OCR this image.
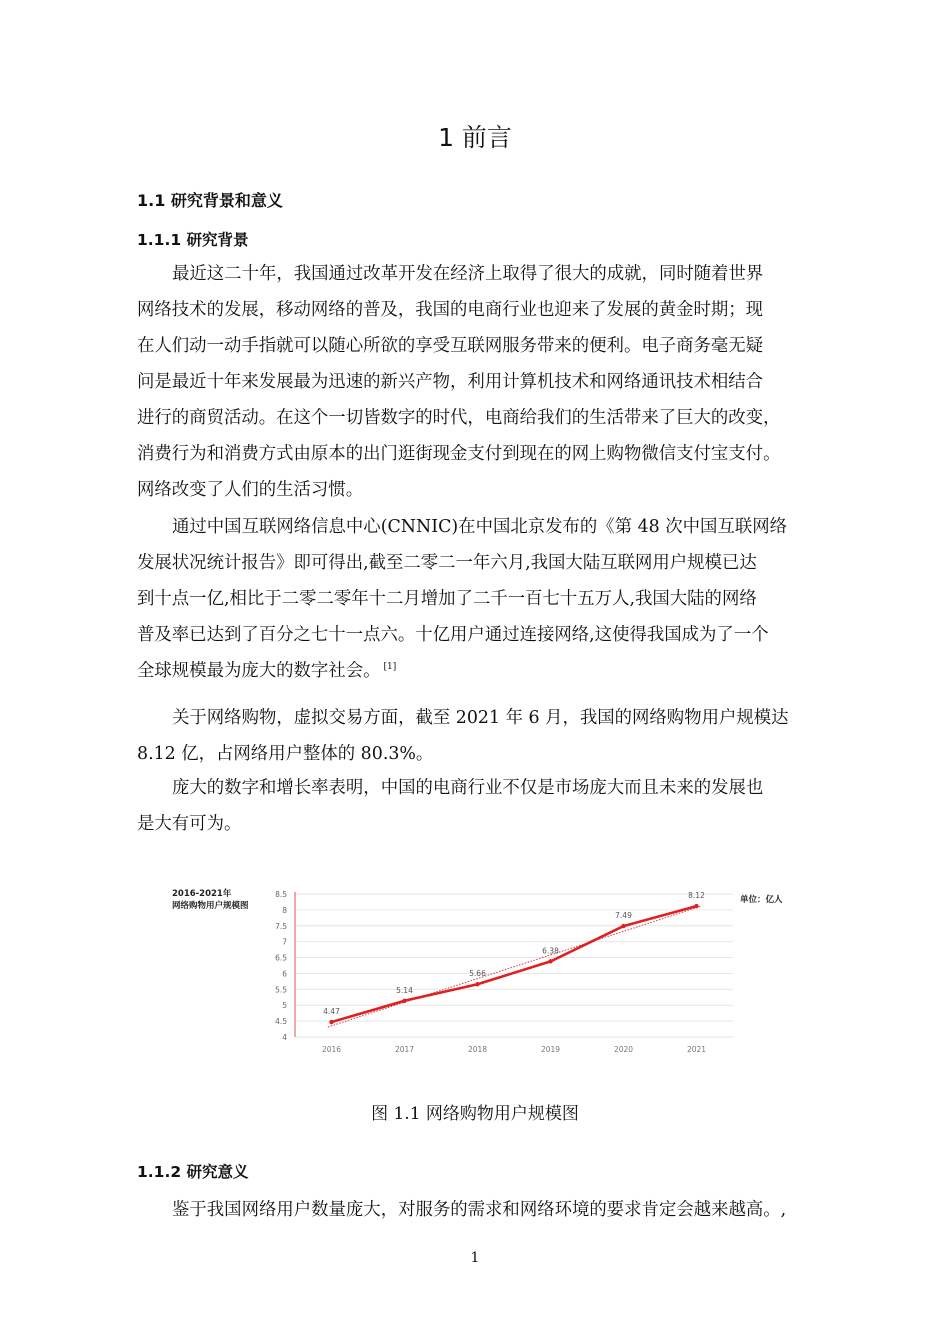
1 前言
1.1 研究背景和意义
1.1.1 研究背景
最近这二十年，我国通过改革开发在经济上取得了很大的成就，同时随着世界
网络技术的发展，移动网络的普及，我国的电商行业也迎来了发展的黄金时期；现
在人们动一动手指就可以随心所欲的享受互联网服务带来的便利。电子商务毫无疑
问是最近十年来发展最为迅速的新兴产物，利用计算机技术和网络通讯技术相结合
进行的商贸活动。在这个一切皆数字的时代，电商给我们的生活带来了巨大的改变，
消费行为和消费方式由原本的出门逛街现金支付到现在的网上购物微信支付宝支付。
网络改变了人们的生活习惯。
通过中国互联网络信息中心(CNNIC)在中国北京发布的《第 48 次中国互联网络
发展状况统计报告》即可得出,截至二零二一年六月,我国大陆互联网用户规模已达
到十点一亿,相比于二零二零年十二月增加了二千一百七十五万人,我国大陆的网络
普及率已达到了百分之七十一点六。十亿用户通过连接网络,这使得我国成为了一个
全球规模最为庞大的数字社会。 [1]
关于网络购物，虚拟交易方面，截至 2021 年 6 月，我国的网络购物用户规模达
8.12 亿，占网络用户整体的 80.3%。
庞大的数字和增长率表明，中国的电商行业不仅是市场庞大而且未来的发展也
是大有可为。
2016-2021年
网络购物用户规模图
单位：亿人
4
4.5
5
5.5
6
6.5
7
7.5
8
8.5
2016	2017	2018	2019	2020	2021
4.47
5.14
5.66
6.38
7.49
8.12
图 1.1 网络购物用户规模图
1.1.2 研究意义
鉴于我国网络用户数量庞大，对服务的需求和网络环境的要求肯定会越来越高。,
1
